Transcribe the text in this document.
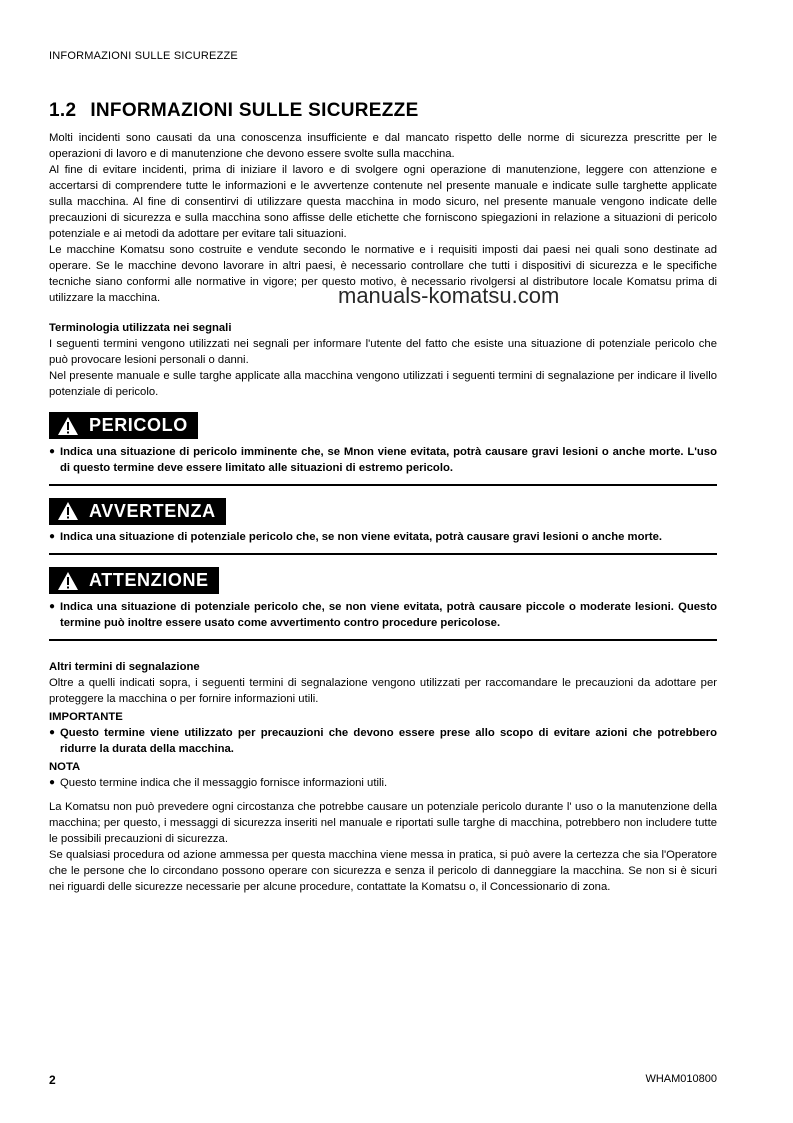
INFORMAZIONI SULLE SICUREZZE
1.2 INFORMAZIONI SULLE SICUREZZE

Molti incidenti sono causati da una conoscenza insufficiente e dal mancato rispetto delle norme di sicurezza prescritte per le operazioni di lavoro e di manutenzione che devono essere svolte sulla macchina.

Al fine di evitare incidenti, prima di iniziare il lavoro e di svolgere ogni operazione di manutenzione, leggere con attenzione e accertarsi di comprendere tutte le informazioni e le avvertenze contenute nel presente manuale e indicate sulle targhette applicate sulla macchina. Al fine di consentirvi di utilizzare questa macchina in modo sicuro, nel presente manuale vengono indicate delle precauzioni di sicurezza e sulla macchina sono affisse delle etichette che forniscono spiegazioni in relazione a situazioni di pericolo potenziale e ai metodi da adottare per evitare tali situazioni.

Le macchine Komatsu sono costruite e vendute secondo le normative e i requisiti imposti dai paesi nei quali sono destinate ad operare. Se le macchine devono lavorare in altri paesi, è necessario controllare che tutti i dispositivi di sicurezza e le specifiche tecniche siano conformi alle normative in vigore; per questo motivo, è necessario rivolgersi al distributore locale Komatsu prima di utilizzare la macchina.

Terminologia utilizzata nei segnali

I seguenti termini vengono utilizzati nei segnali per informare l'utente del fatto che esiste una situazione di potenziale pericolo che può provocare lesioni personali o danni.

Nel presente manuale e sulle targhe applicate alla macchina vengono utilizzati i seguenti termini di segnalazione per indicare il livello potenziale di pericolo.

PERICOLO
● Indica una situazione di pericolo imminente che, se Mnon viene evitata, potrà causare gravi lesioni o anche morte. L'uso di questo termine deve essere limitato alle situazioni di estremo pericolo.
AVVERTENZA
● Indica una situazione di potenziale pericolo che, se non viene evitata, potrà causare gravi lesioni o anche morte.
ATTENZIONE
● Indica una situazione di potenziale pericolo che, se non viene evitata, potrà causare piccole o moderate lesioni. Questo termine può inoltre essere usato come avvertimento contro procedure pericolose.
Altri termini di segnalazione

Oltre a quelli indicati sopra, i seguenti termini di segnalazione vengono utilizzati per raccomandare le precauzioni da adottare per proteggere la macchina o per fornire informazioni utili.

IMPORTANTE
● Questo termine viene utilizzato per precauzioni che devono essere prese allo scopo di evitare azioni che potrebbero ridurre la durata della macchina.
NOTA
● Questo termine indica che il messaggio fornisce informazioni utili.

La Komatsu non può prevedere ogni circostanza che potrebbe causare un potenziale pericolo durante l' uso o la manutenzione della macchina; per questo, i messaggi di sicurezza inseriti nel manuale e riportati sulle targhe di macchina, potrebbero non includere tutte le possibili precauzioni di sicurezza.

Se qualsiasi procedura od azione ammessa per questa macchina viene messa in pratica, si può avere la certezza che sia l'Operatore che le persone che lo circondano possono operare con sicurezza e senza il pericolo di danneggiare la macchina. Se non si è sicuri nei riguardi delle sicurezze necessarie per alcune procedure, contattate la Komatsu o, il Concessionario di zona.

manuals-komatsu.com
2	WHAM010800
